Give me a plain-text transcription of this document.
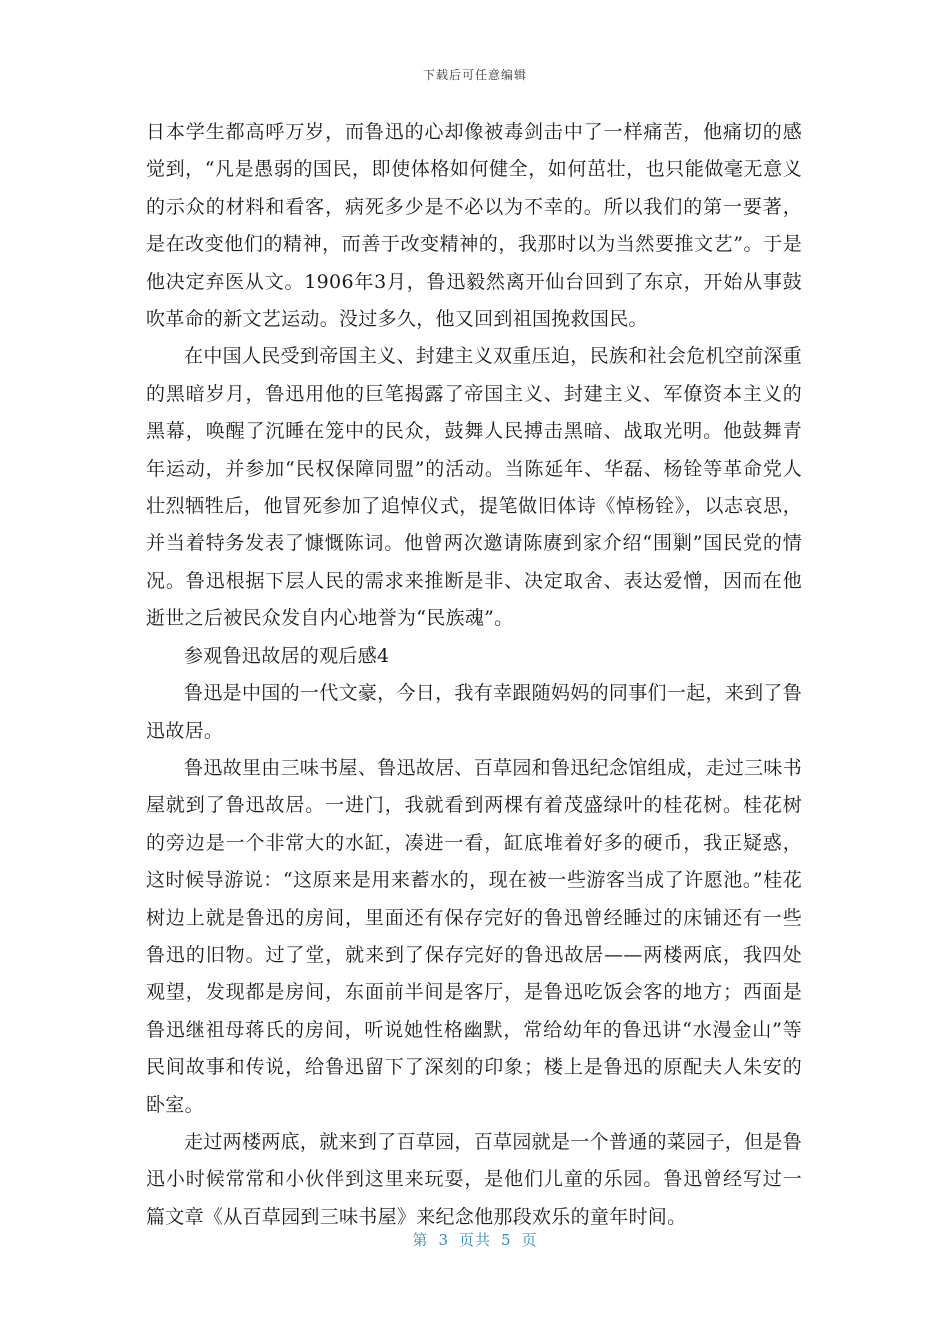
下载后可任意编辑

日本学生都高呼万岁，而鲁迅的心却像被毒剑击中了一样痛苦，他痛切的感觉到，“凡是愚弱的国民，即使体格如何健全，如何茁壮，也只能做毫无意义的示众的材料和看客，病死多少是不必以为不幸的。所以我们的第一要著，是在改变他们的精神，而善于改变精神的，我那时以为当然要推文艺”。于是他决定弃医从文。1906年3月，鲁迅毅然离开仙台回到了东京，开始从事鼓吹革命的新文艺运动。没过多久，他又回到祖国挽救国民。

在中国人民受到帝国主义、封建主义双重压迫，民族和社会危机空前深重的黑暗岁月，鲁迅用他的巨笔揭露了帝国主义、封建主义、军僚资本主义的黑幕，唤醒了沉睡在笼中的民众，鼓舞人民搏击黑暗、战取光明。他鼓舞青年运动，并参加“民权保障同盟”的活动。当陈延年、华磊、杨铨等革命党人壮烈牺牲后，他冒死参加了追悼仪式，提笔做旧体诗《悼杨铨》，以志哀思，并当着特务发表了慷慨陈词。他曾两次邀请陈赓到家介绍“围剿”国民党的情况。鲁迅根据下层人民的需求来推断是非、决定取舍、表达爱憎，因而在他逝世之后被民众发自内心地誉为“民族魂”。

参观鲁迅故居的观后感4

鲁迅是中国的一代文豪，今日，我有幸跟随妈妈的同事们一起，来到了鲁迅故居。

鲁迅故里由三味书屋、鲁迅故居、百草园和鲁迅纪念馆组成，走过三味书屋就到了鲁迅故居。一进门，我就看到两棵有着茂盛绿叶的桂花树。桂花树的旁边是一个非常大的水缸，凑进一看，缸底堆着好多的硬币，我正疑惑，这时候导游说：“这原来是用来蓄水的，现在被一些游客当成了许愿池。”桂花树边上就是鲁迅的房间，里面还有保存完好的鲁迅曾经睡过的床铺还有一些鲁迅的旧物。过了堂，就来到了保存完好的鲁迅故居——两楼两底，我四处观望，发现都是房间，东面前半间是客厅，是鲁迅吃饭会客的地方；西面是鲁迅继祖母蒋氏的房间，听说她性格幽默，常给幼年的鲁迅讲“水漫金山”等民间故事和传说，给鲁迅留下了深刻的印象；楼上是鲁迅的原配夫人朱安的卧室。

走过两楼两底，就来到了百草园，百草园就是一个普通的菜园子，但是鲁迅小时候常常和小伙伴到这里来玩耍，是他们儿童的乐园。鲁迅曾经写过一篇文章《从百草园到三味书屋》来纪念他那段欢乐的童年时间。

第 3 页共 5 页
